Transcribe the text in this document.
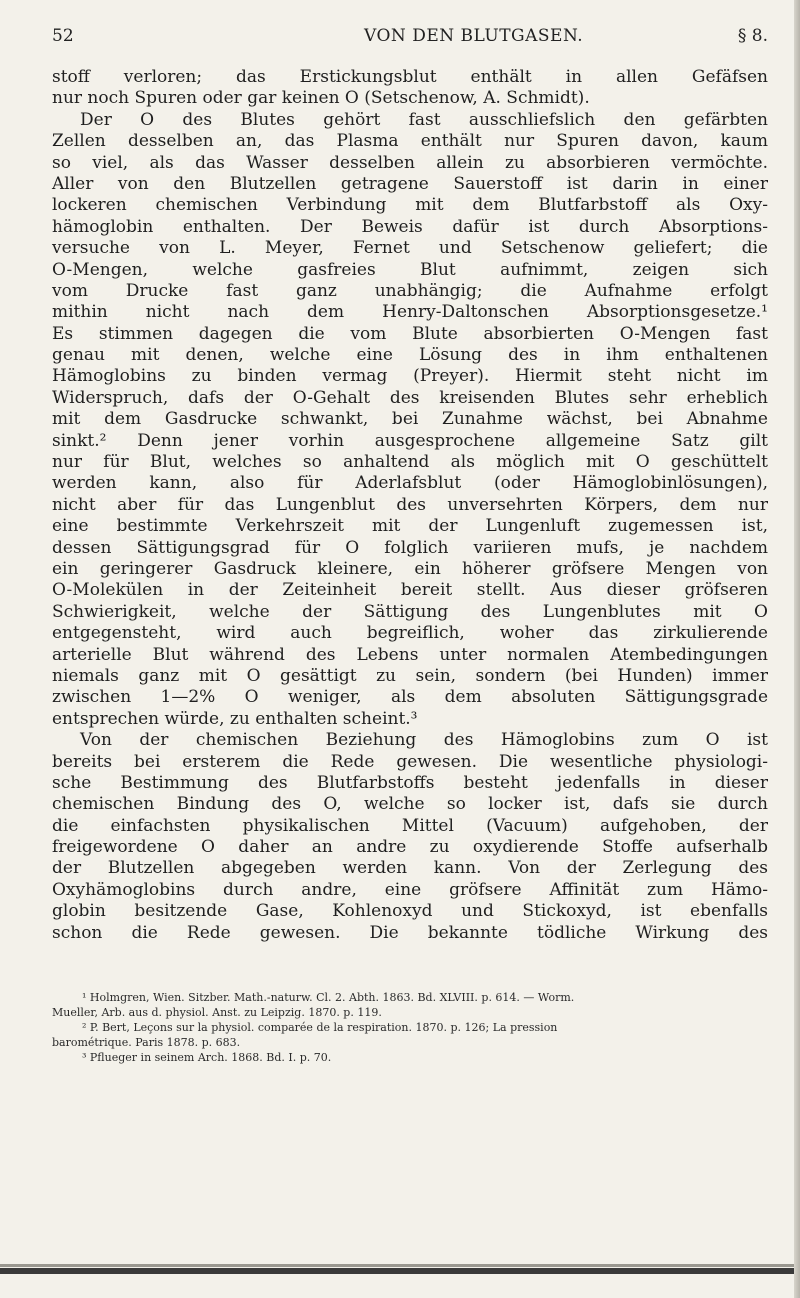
52	VON DEN BLUTGASEN.	§ 8.
stoff verloren; das Erstickungsblut enthält in allen Gefäfsen
nur noch Spuren oder gar keinen O (Setschenow, A. Schmidt).
Der O des Blutes gehört fast ausschliefslich den gefärbten
Zellen desselben an, das Plasma enthält nur Spuren davon, kaum
so viel, als das Wasser desselben allein zu absorbieren vermöchte.
Aller von den Blutzellen getragene Sauerstoff ist darin in einer
lockeren chemischen Verbindung mit dem Blutfarbstoff als Oxy-
hämoglobin enthalten. Der Beweis dafür ist durch Absorptions-
versuche von L. Meyer, Fernet und Setschenow geliefert; die
O-Mengen, welche gasfreies Blut aufnimmt, zeigen sich
vom Drucke fast ganz unabhängig; die Aufnahme erfolgt
mithin nicht nach dem Henry-Daltonschen Absorptionsgesetze.¹
Es stimmen dagegen die vom Blute absorbierten O-Mengen fast
genau mit denen, welche eine Lösung des in ihm enthaltenen
Hämoglobins zu binden vermag (Preyer). Hiermit steht nicht im
Widerspruch, dafs der O-Gehalt des kreisenden Blutes sehr erheblich
mit dem Gasdrucke schwankt, bei Zunahme wächst, bei Abnahme
sinkt.² Denn jener vorhin ausgesprochene allgemeine Satz gilt
nur für Blut, welches so anhaltend als möglich mit O geschüttelt
werden kann, also für Aderlafsblut (oder Hämoglobinlösungen),
nicht aber für das Lungenblut des unversehrten Körpers, dem nur
eine bestimmte Verkehrszeit mit der Lungenluft zugemessen ist,
dessen Sättigungsgrad für O folglich variieren mufs, je nachdem
ein geringerer Gasdruck kleinere, ein höherer gröfsere Mengen von
O-Molekülen in der Zeiteinheit bereit stellt. Aus dieser gröfseren
Schwierigkeit, welche der Sättigung des Lungenblutes mit O
entgegensteht, wird auch begreiflich, woher das zirkulierende
arterielle Blut während des Lebens unter normalen Atembedingungen
niemals ganz mit O gesättigt zu sein, sondern (bei Hunden) immer
zwischen 1—2% O weniger, als dem absoluten Sättigungsgrade
entsprechen würde, zu enthalten scheint.³
Von der chemischen Beziehung des Hämoglobins zum O ist
bereits bei ersterem die Rede gewesen. Die wesentliche physiologi-
sche Bestimmung des Blutfarbstoffs besteht jedenfalls in dieser
chemischen Bindung des O, welche so locker ist, dafs sie durch
die einfachsten physikalischen Mittel (Vacuum) aufgehoben, der
freigewordene O daher an andre zu oxydierende Stoffe aufserhalb
der Blutzellen abgegeben werden kann. Von der Zerlegung des
Oxyhämoglobins durch andre, eine gröfsere Affinität zum Hämo-
globin besitzende Gase, Kohlenoxyd und Stickoxyd, ist ebenfalls
schon die Rede gewesen. Die bekannte tödliche Wirkung des
¹ Holmgren, Wien. Sitzber. Math.-naturw. Cl. 2. Abth. 1863. Bd. XLVIII. p. 614. — Worm.
Mueller, Arb. aus d. physiol. Anst. zu Leipzig. 1870. p. 119.
² P. Bert, Leçons sur la physiol. comparée de la respiration. 1870. p. 126; La pression
barométrique. Paris 1878. p. 683.
³ Pflueger in seinem Arch. 1868. Bd. I. p. 70.
